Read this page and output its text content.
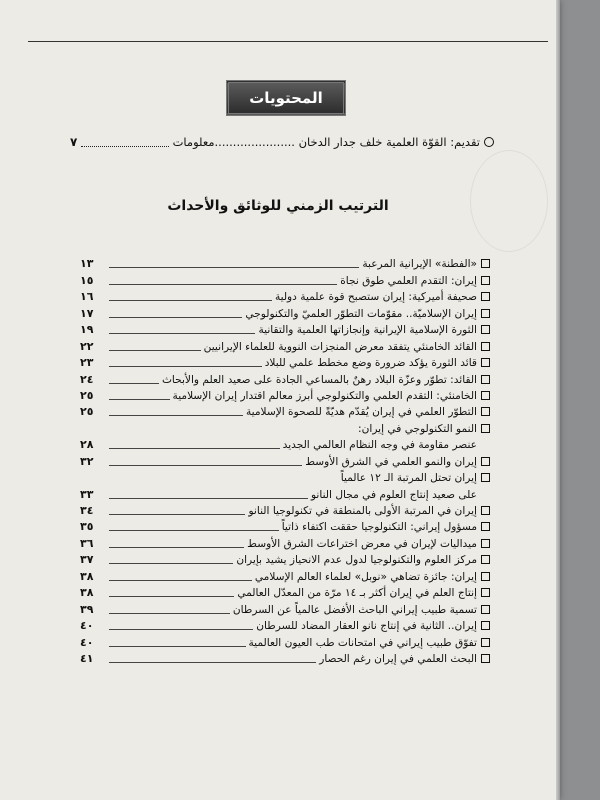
المحتويات
تقديم: القوّة العلمية خلف جدار الدخان ......................معلومات
٧
الترتيب الزمني للوثائق والأحداث
«الفطنة» الإيرانية المرعبة
١٣
إيران: التقدم العلمي طوق نجاة
١٥
صحيفة أميركية: إيران ستصبح قوة علمية دولية
١٦
إيران الإسلاميّة.. مقوّمات التطوّر العلميّ والتكنولوجي
١٧
الثورة الإسلامية الإيرانية وإنجازاتها العلمية والتقانية
١٩
القائد الخامنئي يتفقد معرض المنجزات النووية للعلماء الإيرانيين
٢٢
قائد الثورة يؤكد ضرورة وضع مخطط علمي للبلاد
٢٣
القائد: تطوّر وعزّة البلاد رهنٌ بالمساعي الجادة على صعيد العلم والأبحاث
٢٤
الخامنئي: التقدم العلمي والتكنولوجي أبرز معالم اقتدار إيران الإسلامية
٢٥
التطوّر العلمي في إيران يُقدّم هديّةً للصحوة الإسلامية
٢٥
النمو التكنولوجي في إيران:
عنصر مقاومة في وجه النظام العالمي الجديد
٢٨
إيران والنمو العلمي في الشرق الأوسط
٣٢
إيران تحتل المرتبة الـ ١٢ عالمياً
على صعيد إنتاج العلوم في مجال النانو
٣٣
إيران في المرتبة الأولى بالمنطقة في تكنولوجيا النانو
٣٤
مسؤول إيراني: التكنولوجيا حققت اكتفاء ذاتياً
٣٥
ميداليات لإيران في معرض اختراعات الشرق الأوسط
٣٦
مركز العلوم والتكنولوجيا لدول عدم الانحياز يشيد بإيران
٣٧
إيران: جائزة تضاهي «نوبل» لعلماء العالم الإسلامي
٣٨
إنتاج العلم في إيران أكثر بـ ١٤ مرّة من المعدّل العالمي
٣٨
تسمية طبيب إيراني الباحث الأفضل عالمياً عن السرطان
٣٩
إيران.. الثانية في إنتاج نانو العقار المضاد للسرطان
٤٠
تفوّق طبيب إيراني في امتحانات طب العيون العالمية
٤٠
البحث العلمي في إيران رغم الحصار
٤١
